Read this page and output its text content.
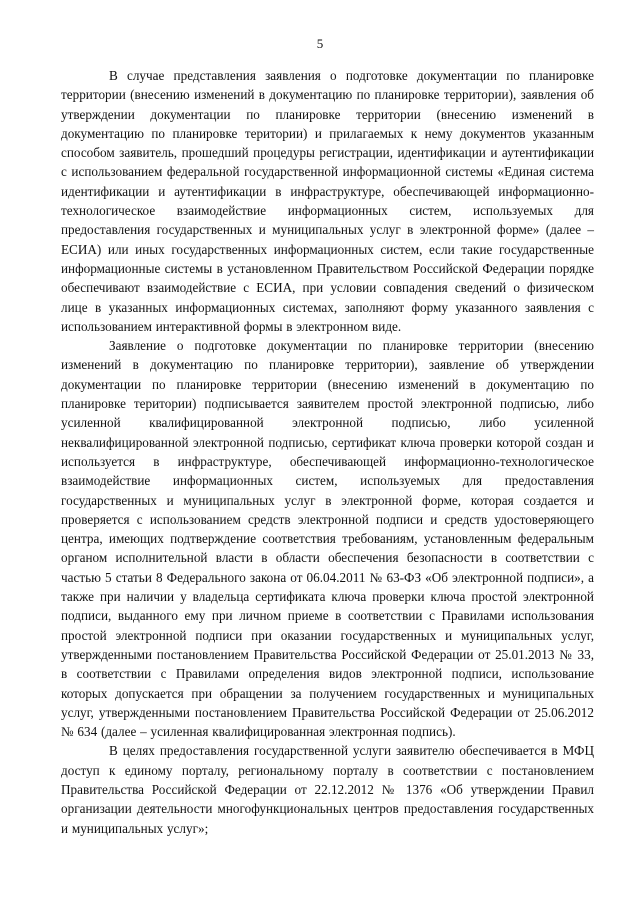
5

В случае представления заявления о подготовке документации по планировке территории (внесению изменений в документацию по планировке территории), заявления об утверждении документации по планировке территории (внесению изменений в документацию по планировке територии) и прилагаемых к нему документов указанным способом заявитель, прошедший процедуры регистрации, идентификации и аутентификации с использованием федеральной государственной информационной системы «Единая система идентификации и аутентификации в инфраструктуре, обеспечивающей информационно-технологическое взаимодействие информационных систем, используемых для предоставления государственных и муниципальных услуг в электронной форме» (далее – ЕСИА) или иных государственных информационных систем, если такие государственные информационные системы в установленном Правительством Российской Федерации порядке обеспечивают взаимодействие с ЕСИА, при условии совпадения сведений о физическом лице в указанных информационных системах, заполняют форму указанного заявления с использованием интерактивной формы в электронном виде.

Заявление о подготовке документации по планировке территории (внесению изменений в документацию по планировке территории), заявление об утверждении документации по планировке территории (внесению изменений в документацию по планировке територии) подписывается заявителем простой электронной подписью, либо усиленной квалифицированной электронной подписью, либо усиленной неквалифицированной электронной подписью, сертификат ключа проверки которой создан и используется в инфраструктуре, обеспечивающей информационно-технологическое взаимодействие информационных систем, используемых для предоставления государственных и муниципальных услуг в электронной форме, которая создается и проверяется с использованием средств электронной подписи и средств удостоверяющего центра, имеющих подтверждение соответствия требованиям, установленным федеральным органом исполнительной власти в области обеспечения безопасности в соответствии с частью 5 статьи 8 Федерального закона от 06.04.2011 № 63-ФЗ «Об электронной подписи», а также при наличии у владельца сертификата ключа проверки ключа простой электронной подписи, выданного ему при личном приеме в соответствии с Правилами использования простой электронной подписи при оказании государственных и муниципальных услуг, утвержденными постановлением Правительства Российской Федерации от 25.01.2013 № 33, в соответствии с Правилами определения видов электронной подписи, использование которых допускается при обращении за получением государственных и муниципальных услуг, утвержденными постановлением Правительства Российской Федерации от 25.06.2012 № 634 (далее – усиленная квалифицированная электронная подпись).

В целях предоставления государственной услуги заявителю обеспечивается в МФЦ доступ к единому порталу, региональному порталу в соответствии с постановлением Правительства Российской Федерации от 22.12.2012 № 1376 «Об утверждении Правил организации деятельности многофункциональных центров предоставления государственных и муниципальных услуг»;
